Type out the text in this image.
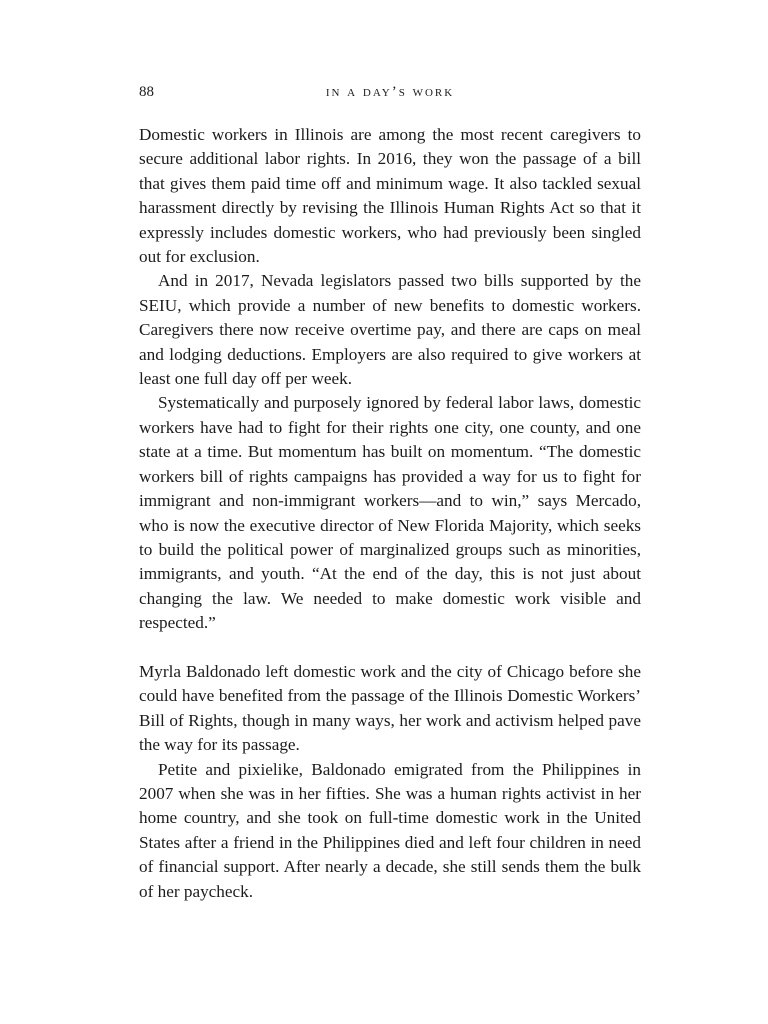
88	in a day’s work

Domestic workers in Illinois are among the most recent caregivers to secure additional labor rights. In 2016, they won the passage of a bill that gives them paid time off and minimum wage. It also tackled sexual harassment directly by revising the Illinois Human Rights Act so that it expressly includes domestic workers, who had previously been singled out for exclusion.

And in 2017, Nevada legislators passed two bills supported by the SEIU, which provide a number of new benefits to domestic workers. Caregivers there now receive overtime pay, and there are caps on meal and lodging deductions. Employers are also required to give workers at least one full day off per week.

Systematically and purposely ignored by federal labor laws, domestic workers have had to fight for their rights one city, one county, and one state at a time. But momentum has built on momentum. “The domestic workers bill of rights campaigns has provided a way for us to fight for immigrant and non-immigrant workers—and to win,” says Mercado, who is now the executive director of New Florida Majority, which seeks to build the political power of marginalized groups such as minorities, immigrants, and youth. “At the end of the day, this is not just about changing the law. We needed to make domestic work visible and respected.”

Myrla Baldonado left domestic work and the city of Chicago before she could have benefited from the passage of the Illinois Domestic Workers’ Bill of Rights, though in many ways, her work and activism helped pave the way for its passage.

Petite and pixielike, Baldonado emigrated from the Philippines in 2007 when she was in her fifties. She was a human rights activist in her home country, and she took on full-time domestic work in the United States after a friend in the Philippines died and left four children in need of financial support. After nearly a decade, she still sends them the bulk of her paycheck.
